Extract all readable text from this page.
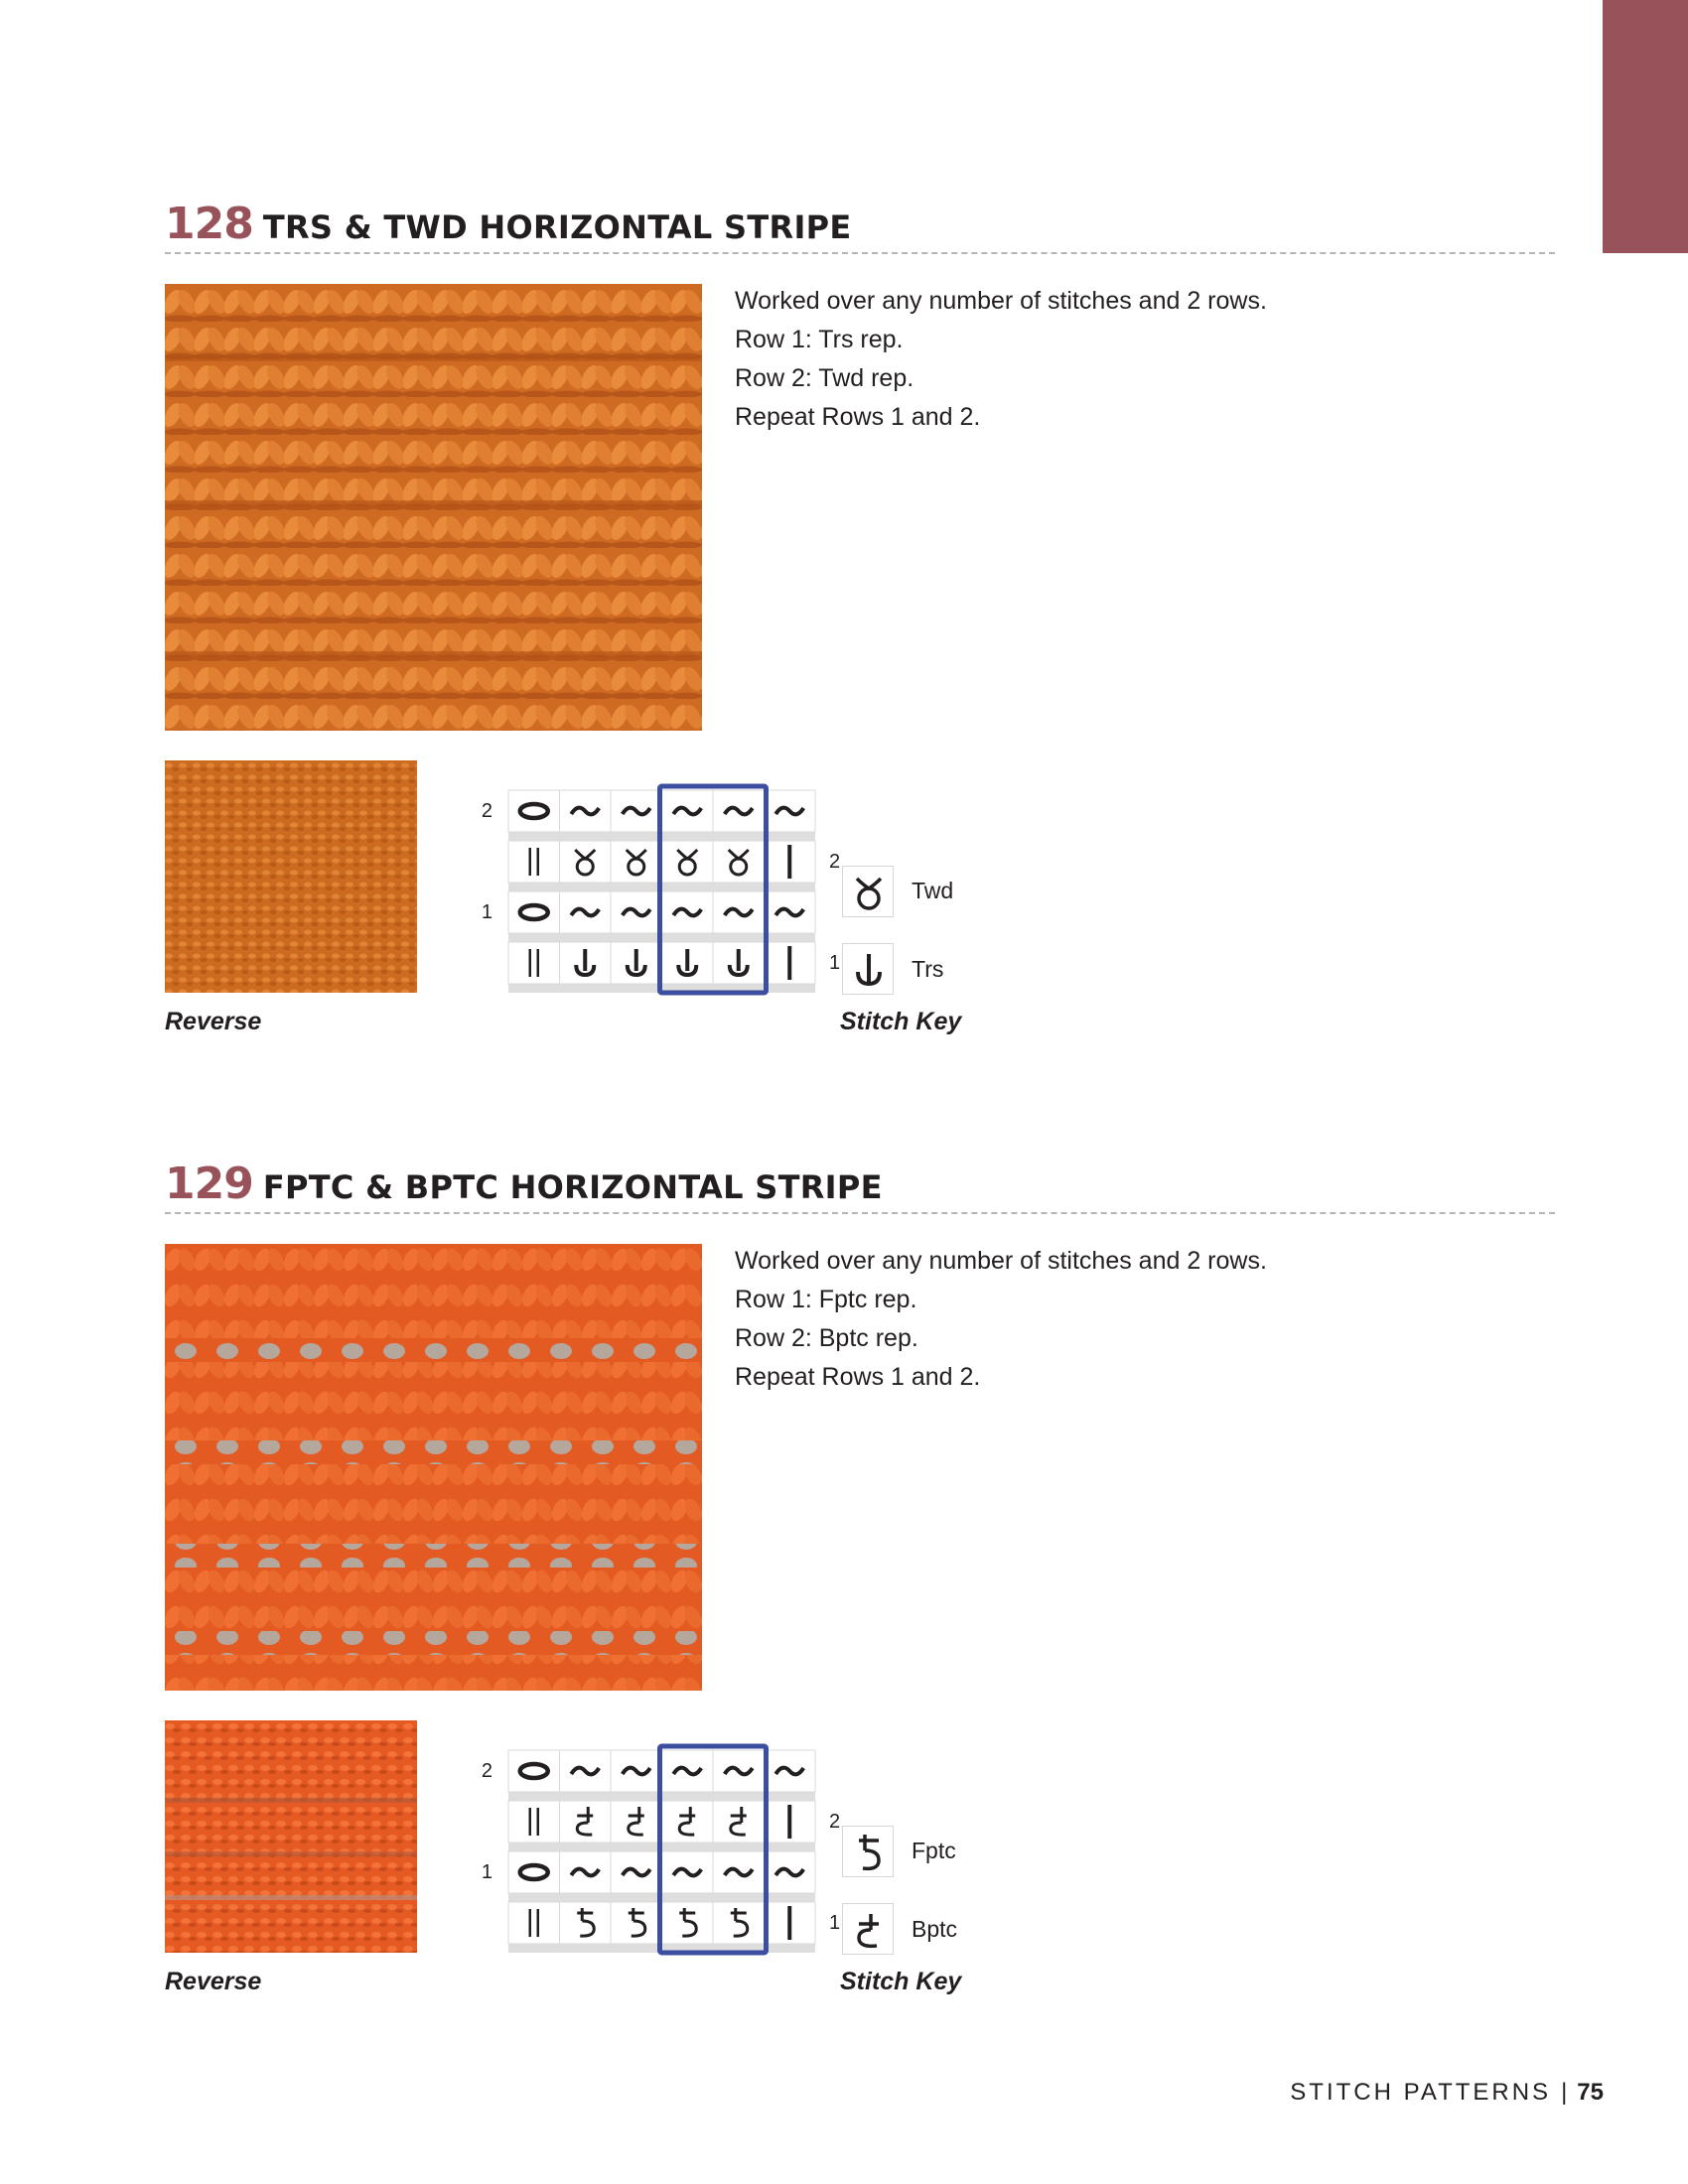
128 TRS & TWD HORIZONTAL STRIPE
Worked over any number of stitches and 2 rows.
Row 1: Trs rep.
Row 2: Twd rep.
Repeat Rows 1 and 2.
Reverse
2
1
2
1
Twd
Trs
Stitch Key
129 FPTC & BPTC HORIZONTAL STRIPE
Worked over any number of stitches and 2 rows.
Row 1: Fptc rep.
Row 2: Bptc rep.
Repeat Rows 1 and 2.
Reverse
2
1
2
1
Fptc
Bptc
Stitch Key
STITCH PATTERNS | 75
